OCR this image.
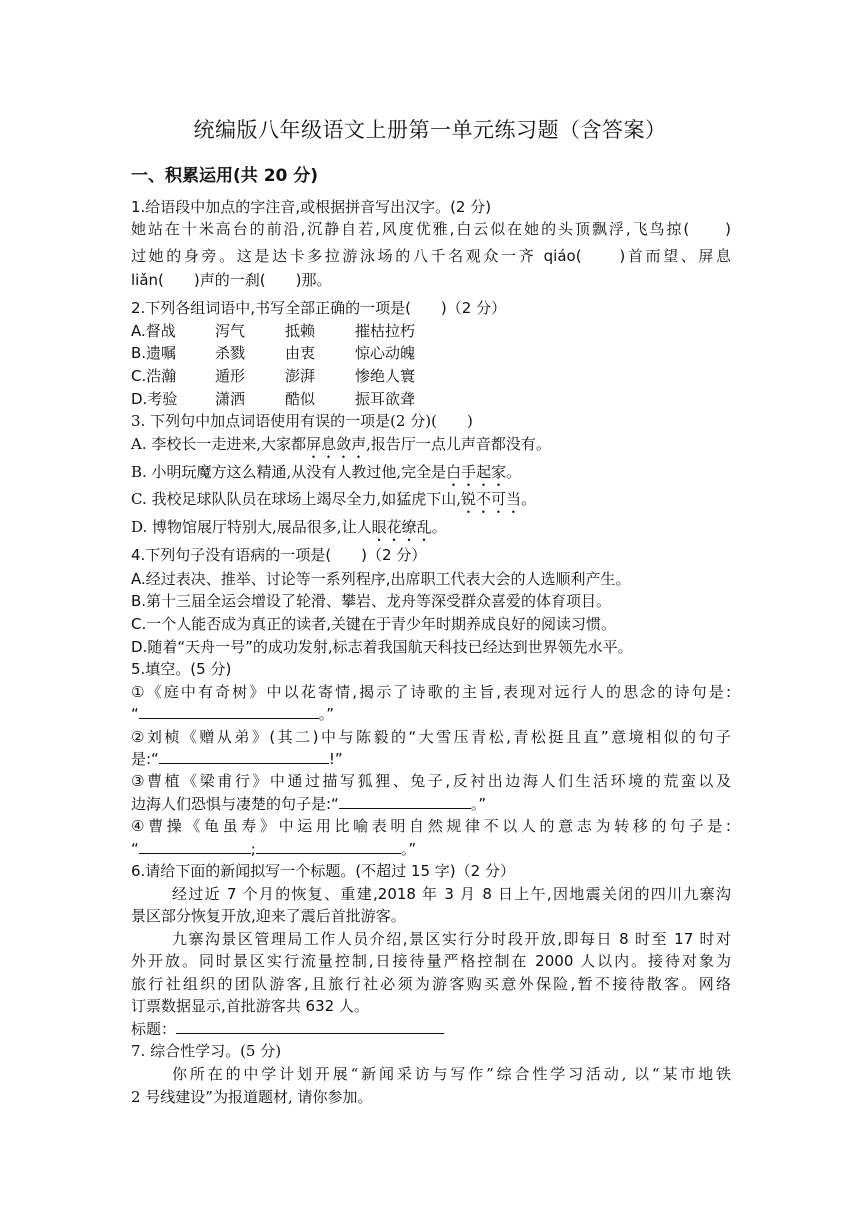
统编版八年级语文上册第一单元练习题（含答案）
一、积累运用(共 20 分)
1.给语段中加点的字注音,或根据拼音写出汉字。(2 分)
她站在十米高台的前沿,沉静自若,风度优雅,白云似在她的头顶飘浮,飞鸟掠(　　)
过她的身旁。这是达卡多拉游泳场的八千名观众一齐 qiáo(　　)首而望、屏息
liǎn(　　)声的一刹(　　)那。
2.下列各组词语中,书写全部正确的一项是(　　)（2 分）
A.督战	泻气	抵赖	摧枯拉朽
B.遗嘱	杀戮	由衷	惊心动魄
C.浩瀚	遁形	澎湃	惨绝人寰
D.考验	潇洒	酷似	振耳欲聋
3. 下列句中加点词语使用有误的一项是(2 分)(　　)
A. 李校长一走进来,大家都屏息敛声,报告厅一点儿声音都没有。
B. 小明玩魔方这么精通,从没有人教过他,完全是白手起家。
C. 我校足球队队员在球场上竭尽全力,如猛虎下山,锐不可当。
D. 博物馆展厅特别大,展品很多,让人眼花缭乱。
4.下列句子没有语病的一项是(　　)（2 分）
A.经过表决、推举、讨论等一系列程序,出席职工代表大会的人选顺利产生。
B.第十三届全运会增设了轮滑、攀岩、龙舟等深受群众喜爱的体育项目。
C.一个人能否成为真正的读者,关键在于青少年时期养成良好的阅读习惯。
D.随着“天舟一号”的成功发射,标志着我国航天科技已经达到世界领先水平。
5.填空。(5 分)
①《庭中有奇树》中以花寄情,揭示了诗歌的主旨,表现对远行人的思念的诗句是:
“	。”
②刘桢《赠从弟》(其二)中与陈毅的“大雪压青松,青松挺且直”意境相似的句子
是:“	!”
③曹植《梁甫行》中通过描写狐狸、兔子,反衬出边海人们生活环境的荒蛮以及
边海人们恐惧与凄楚的句子是:“	。”
④曹操《龟虽寿》中运用比喻表明自然规律不以人的意志为转移的句子是:
“	;	。”
6.请给下面的新闻拟写一个标题。(不超过 15 字)（2 分）
经过近 7 个月的恢复、重建,2018 年 3 月 8 日上午,因地震关闭的四川九寨沟
景区部分恢复开放,迎来了震后首批游客。
九寨沟景区管理局工作人员介绍,景区实行分时段开放,即每日 8 时至 17 时对
外开放。同时景区实行流量控制,日接待量严格控制在 2000 人以内。接待对象为
旅行社组织的团队游客,且旅行社必须为游客购买意外保险,暂不接待散客。网络
订票数据显示,首批游客共 632 人。
标题：
7. 综合性学习。(5 分)
你所在的中学计划开展“新闻采访与写作”综合性学习活动, 以“某市地铁
2 号线建设”为报道题材, 请你参加。
